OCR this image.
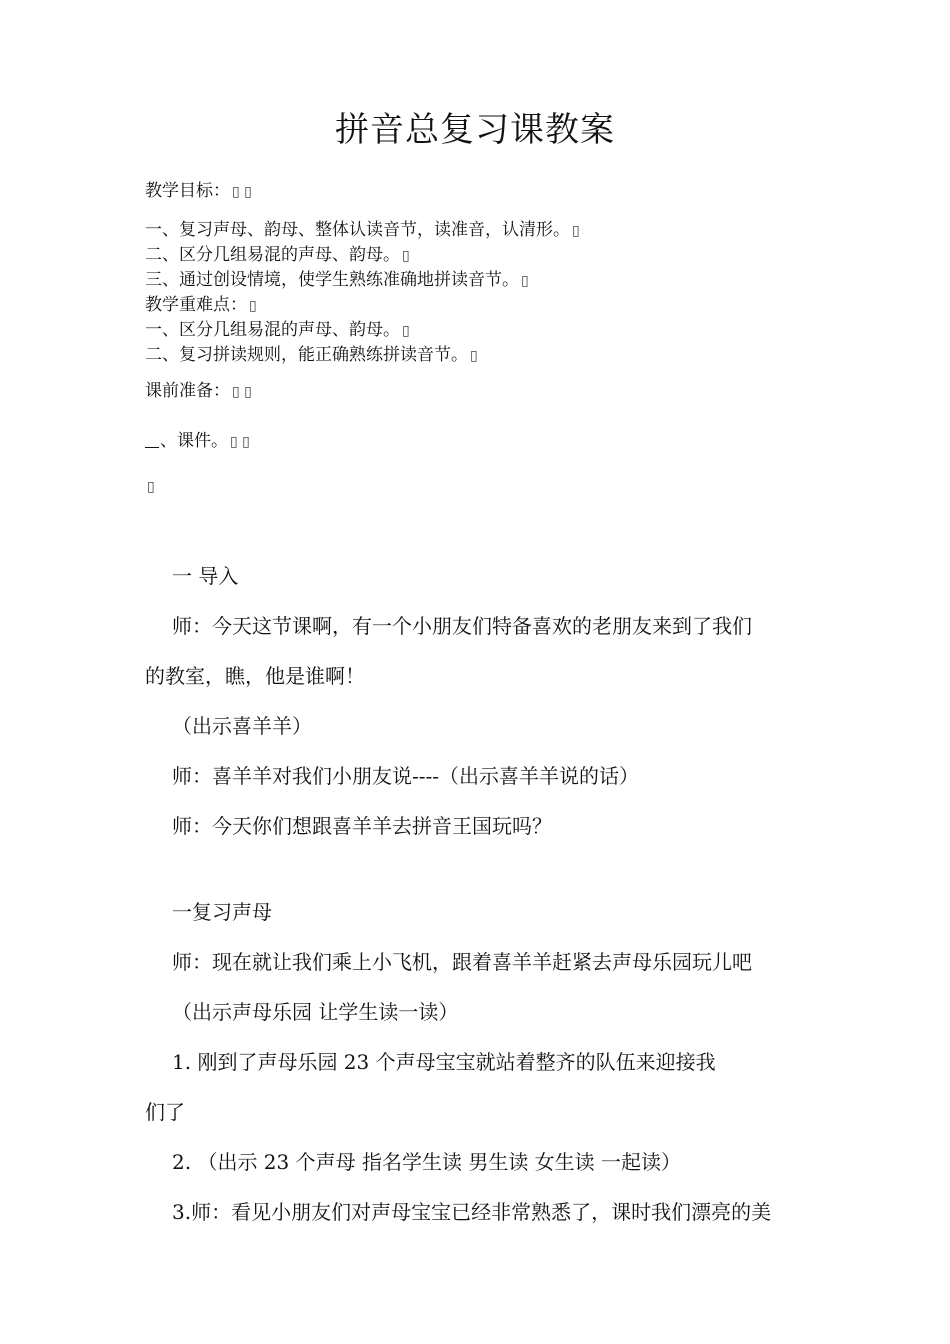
拼音总复习课教案
教学目标： ▯ ▯
一、复习声母、韵母、整体认读音节，读准音，认清形。 ▯
二、区分几组易混的声母、韵母。 ▯
三、通过创设情境，使学生熟练准确地拼读音节。 ▯
教学重难点： ▯
一、区分几组易混的声母、韵母。 ▯
二、复习拼读规则，能正确熟练拼读音节。 ▯
课前准备： ▯ ▯
、课件。 ▯ ▯
▯
一 导入
师：今天这节课啊，有一个小朋友们特备喜欢的老朋友来到了我们
的教室，瞧，他是谁啊！
（出示喜羊羊）
师：喜羊羊对我们小朋友说----（出示喜羊羊说的话）
师：今天你们想跟喜羊羊去拼音王国玩吗？
一复习声母
师：现在就让我们乘上小飞机，跟着喜羊羊赶紧去声母乐园玩儿吧
（出示声母乐园 让学生读一读）
1. 刚到了声母乐园 23 个声母宝宝就站着整齐的队伍来迎接我
们了
2. （出示 23 个声母 指名学生读 男生读 女生读 一起读）
3.师：看见小朋友们对声母宝宝已经非常熟悉了，课时我们漂亮的美
